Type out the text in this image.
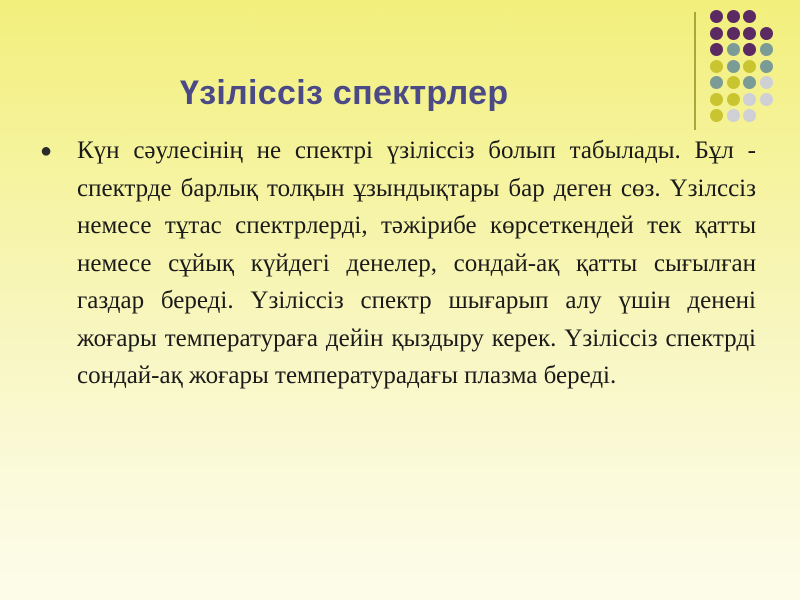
Үзіліссіз спектрлер
● Күн сәулесінің не спектрі үзіліссіз болып табылады. Бұл - спектрде барлық толқын ұзындықтары бар деген сөз. Үзілссіз немесе тұтас спектрлерді, тәжірибе көрсеткендей тек қатты немесе сұйық күйдегі денелер, сондай-ақ қатты сығылған газдар береді. Үзіліссіз спектр шығарып алу үшін денені жоғары температураға дейін қыздыру керек. Үзіліссіз спектрді сондай-ақ жоғары температурадағы плазма береді.
